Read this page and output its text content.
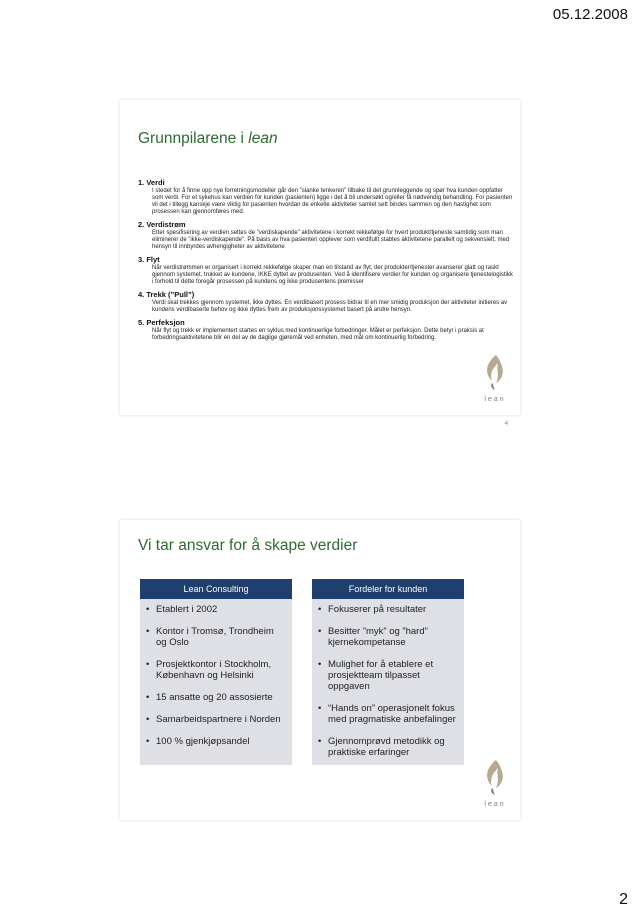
05.12.2008
Grunnpilarene i lean
1. Verdi
I stedet for å finne opp nye forretningsmodeller går den ”slanke tenkeren” tilbake til det grunnleggende og spør hva kunden oppfatter som verdi. For et sykehus kan verdien for kunden (pasienten) ligge i det å bli undersøkt og/eller få nødvendig behandling. For pasienten vil det i tillegg kanskje være viktig for pasienten hvordan de enkelte aktiviteter samlet sett bindes sammen og den hastighet som prosessen kan gjennomføres med.
2. Verdistrøm
Etter spesifisering av verdien settes de ”verdiskapende” aktivitetene i korrekt rekkefølge for hvert produkt/tjeneste samtidig som man eliminerer de ”ikke-verdiskapende”. På basis av hva pasienten opplever som verdifullt stables aktivitetene parallelt og sekvensielt, med hensyn til innbyrdes avhengigheter av aktivitetene
3. Flyt
Når verdistrømmen er organisert i korrekt rekkefølge skaper man en tilstand av flyt, der produkter/tjenester avanserer glatt og raskt gjennom systemet, trukket av kundene, IKKE dyttet av produsenten. Ved å identifisere verdier for kunden og organisere tjenestelogistikk i forhold til dette foregår prosessen på kundens og ikke produsentens premisser
4. Trekk (”Pull”)
Verdi skal trekkes gjennom systemet, ikke dyttes. En verdibasert prosess bidrar til en mer smidig produksjon der aktiviteter initieres av kundens verdibaserte behov og ikke dyttes frem av produksjonssystemet basert på andre hensyn.
5. Perfeksjon
Når flyt og trekk er implementert startes en syklus med kontinuerlige forbedringer. Målet er perfeksjon. Dette betyr i praksis at forbedringsaktivitetene blir en del av de daglige gjøremål ved enheten, med mål om kontinuerlig forbedring.
lean
4
Vi tar ansvar for å skape verdier
Lean Consulting
• Etablert i 2002
• Kontor i Tromsø, Trondheim og Oslo
• Prosjektkontor i Stockholm, København og Helsinki
• 15 ansatte og 20 assosierte
• Samarbeidspartnere i Norden
• 100 % gjenkjøpsandel
Fordeler for kunden
• Fokuserer på resultater
• Besitter ”myk” og ”hard” kjernekompetanse
• Mulighet for å etablere et prosjektteam tilpasset oppgaven
• “Hands on” operasjonelt fokus med pragmatiske anbefalinger
• Gjennomprøvd metodikk og praktiske erfaringer
lean
2
